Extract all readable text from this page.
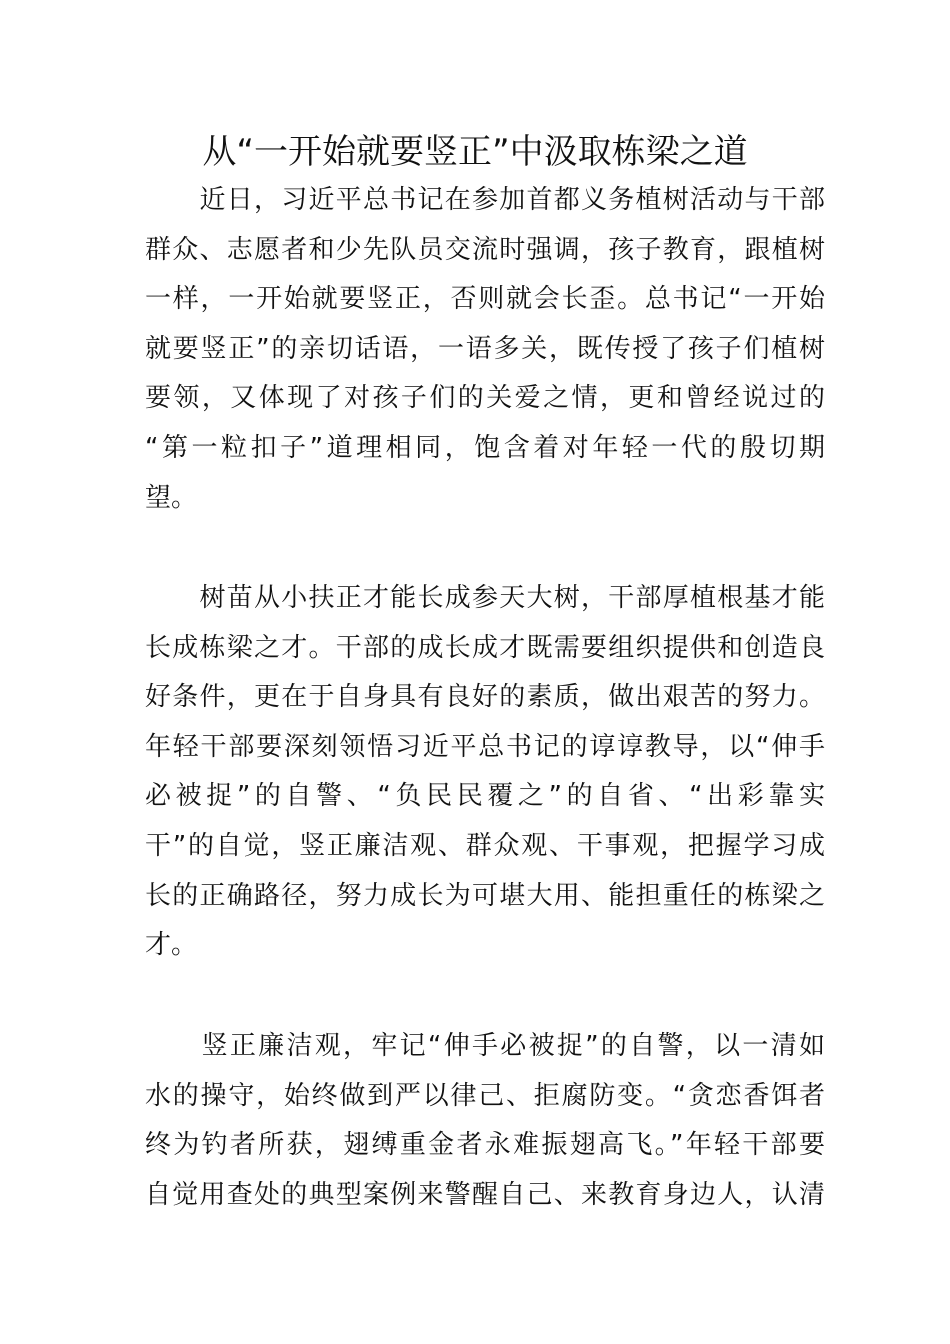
从“一开始就要竖正”中汲取栋梁之道
　　近日，习近平总书记在参加首都义务植树活动与干部
群众、志愿者和少先队员交流时强调，孩子教育，跟植树
一样，一开始就要竖正，否则就会长歪。总书记“一开始
就要竖正”的亲切话语，一语多关，既传授了孩子们植树
要领，又体现了对孩子们的关爱之情，更和曾经说过的
“第一粒扣子”道理相同，饱含着对年轻一代的殷切期
望。
　　树苗从小扶正才能长成参天大树，干部厚植根基才能
长成栋梁之才。干部的成长成才既需要组织提供和创造良
好条件，更在于自身具有良好的素质，做出艰苦的努力。
年轻干部要深刻领悟习近平总书记的谆谆教导，以“伸手
必被捉”的自警、“负民民覆之”的自省、“出彩靠实
干”的自觉，竖正廉洁观、群众观、干事观，把握学习成
长的正确路径，努力成长为可堪大用、能担重任的栋梁之
才。
　　竖正廉洁观，牢记“伸手必被捉”的自警，以一清如
水的操守，始终做到严以律己、拒腐防变。“贪恋香饵者
终为钓者所获，翅缚重金者永难振翅高飞。”年轻干部要
自觉用查处的典型案例来警醒自己、来教育身边人，认清
